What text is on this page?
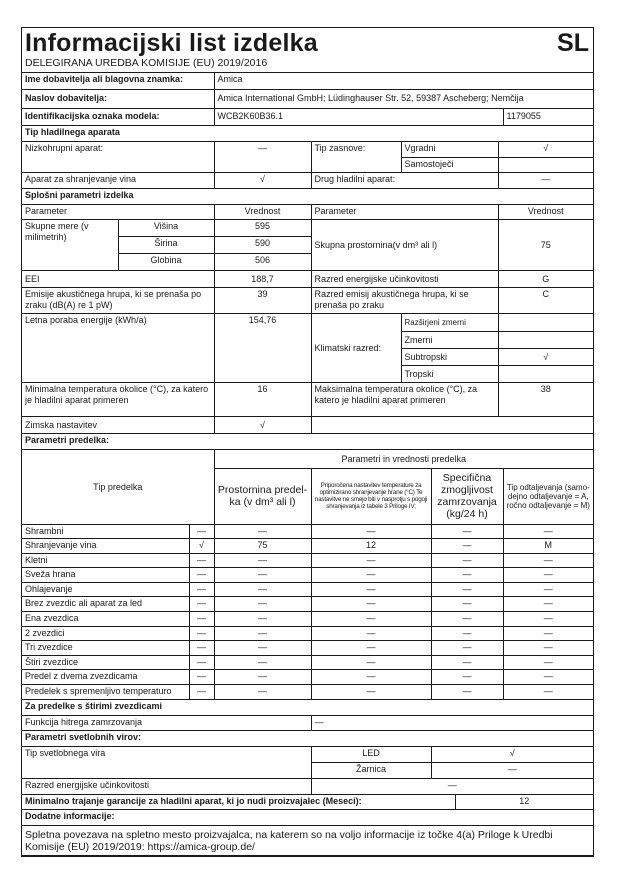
Informacijski list izdelka	SL
DELEGIRANA UREDBA KOMISIJE (EU) 2019/2016
Ime dobavitelja ali blagovna znamka:	Amica	
Naslov dobavitelja:	Amica International GmbH; Lüdinghauser Str. 52, 59387 Ascheberg; Nemčija	
Identifikacijska oznaka modela:	WCB2K60B36.1	1179055
Tip hladilnega aparata		
Nizkohrupni aparat:		—	Tip zasnove:	Vgradni	√
				Samostoječi	
Aparat za shranjevanje vina		√	Drug hladilni aparat:		—
Splošni parametri izdelka					
Parameter		Vrednost	Parameter		Vrednost
Skupne mere (v milimetrih)	Višina	595	Skupna prostornina(v dm³ ali l)		75
	Širina	590			
	Globina	506			
EEI		188,7	Razred energijske učinkovitosti		G
Emisije akustičnega hrupa, ki se prenaša po zraku (dB(A) re 1 pW)		39	Razred emisij akustičnega hrupa, ki se prenaša po zraku		C
Letna poraba energije (kWh/a)		154,76	Klimatski razred:	Razširjeni zmerni	
				Zmerni	
				Subtropski	√
				Tropski	
Minimalna temperatura okolice (°C), za katero je hladilni aparat primeren		16	Maksimalna temperatura okolice (°C), za katero je hladilni aparat primeren		38
Zimska nastavitev		√			
Parametri predelka:					
Tip predelka		Parametri in vrednosti predelka			
		Prostornina predel-ka (v dm³ ali l)	Priporočena nastavitev temperature za optimizirano shranjevanje hrane (°C) Te nastavitve ne smejo biti v nasprotju s pogoji shranjevanja iz tabele 3 Priloge IV;	Specifična zmogljivost zamrzovanja (kg/24 h)	Tip odtaljevanja (samo-dejno odtaljevanje = A, ročno odtaljevanje = M)
Shrambni	—	—	—	—	—
Shranjevanje vina	√	75	12	—	M
Kletni	—	—	—	—	—
Sveža hrana	—	—	—	—	—
Ohlajevanje	—	—	—	—	—
Brez zvezdic ali aparat za led	—	—	—	—	—
Ena zvezdica	—	—	—	—	—
2 zvezdici	—	—	—	—	—
Tri zvezdice	—	—	—	—	—
Štiri zvezdice	—	—	—	—	—
Predel z dvema zvezdicama	—	—	—	—	—
Predelek s spremenljivo temperaturo	—	—	—	—	—
Za predelke s štirimi zvezdicami			
Funkcija hitrega zamrzovanja	—		
Parametri svetlobnih virov:			
Tip svetlobnega vira	LED	√	
	Žarnica	—	
Razred energijske učinkovitosti	—		
Minimalno trajanje garancije za hladilni aparat, ki jo nudi proizvajalec (Meseci):			12
Dodatne informacije:			
Spletna povezava na spletno mesto proizvajalca, na katerem so na voljo informacije iz točke 4(a) Priloge k Uredbi Komisije (EU) 2019/2019: https://amica-group.de/			
